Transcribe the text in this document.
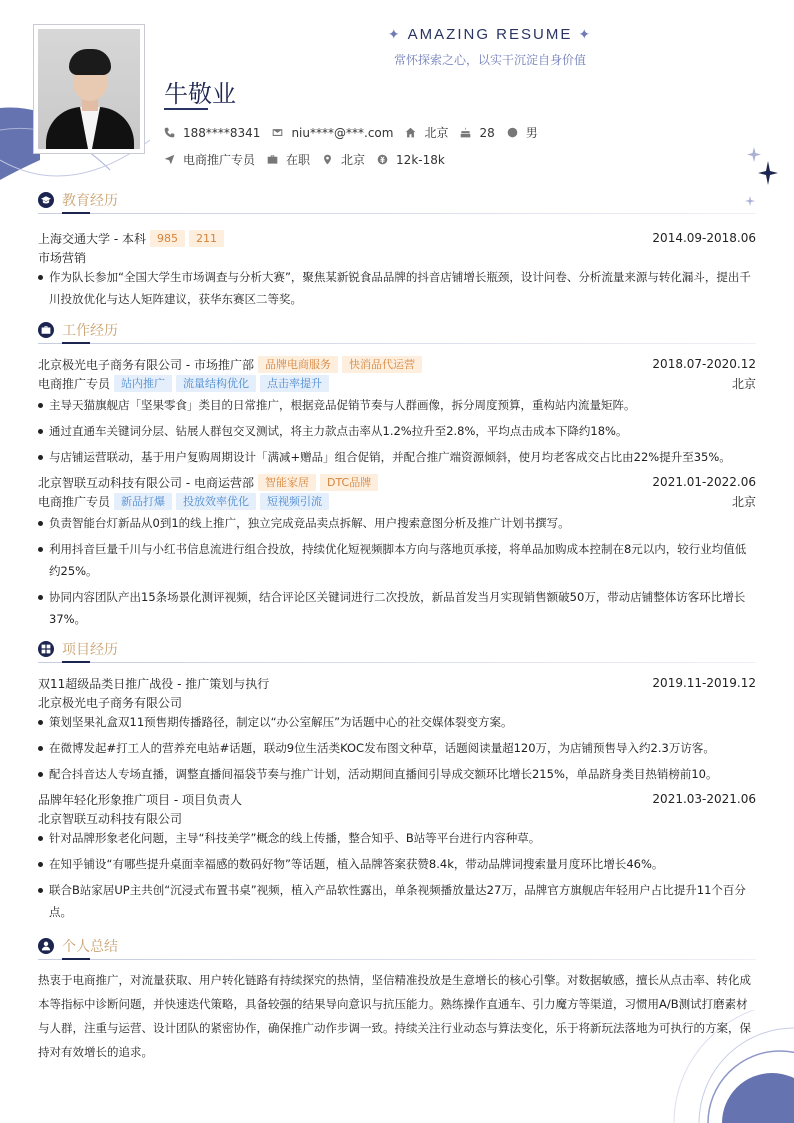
✦ AMAZING RESUME ✦
常怀探索之心，以实干沉淀自身价值
牛敬业
188****8341	niu****@***.com	北京	28	男
电商推广专员	在职	北京	12k-18k
教育经历
上海交通大学 - 本科	985	211	2014.09-2018.06
市场营销
作为队长参加“全国大学生市场调查与分析大赛”，聚焦某新锐食品品牌的抖音店铺增长瓶颈，设计问卷、分析流量来源与转化漏斗，提出千川投放优化与达人矩阵建议，获华东赛区二等奖。
工作经历
北京极光电子商务有限公司 - 市场推广部	品牌电商服务	快消品代运营	2018.07-2020.12
电商推广专员	站内推广	流量结构优化	点击率提升	北京
主导天猫旗舰店「坚果零食」类目的日常推广，根据竞品促销节奏与人群画像，拆分周度预算，重构站内流量矩阵。
通过直通车关键词分层、钻展人群包交叉测试，将主力款点击率从1.2%拉升至2.8%，平均点击成本下降约18%。
与店铺运营联动，基于用户复购周期设计「满减+赠品」组合促销，并配合推广端资源倾斜，使月均老客成交占比由22%提升至35%。
北京智联互动科技有限公司 - 电商运营部	智能家居	DTC品牌	2021.01-2022.06
电商推广专员	新品打爆	投放效率优化	短视频引流	北京
负责智能台灯新品从0到1的线上推广，独立完成竞品卖点拆解、用户搜索意图分析及推广计划书撰写。
利用抖音巨量千川与小红书信息流进行组合投放，持续优化短视频脚本方向与落地页承接，将单品加购成本控制在8元以内，较行业均值低约25%。
协同内容团队产出15条场景化测评视频，结合评论区关键词进行二次投放，新品首发当月实现销售额破50万，带动店铺整体访客环比增长37%。
项目经历
双11超级品类日推广战役 - 推广策划与执行	2019.11-2019.12
北京极光电子商务有限公司
策划坚果礼盒双11预售期传播路径，制定以“办公室解压”为话题中心的社交媒体裂变方案。
在微博发起#打工人的营养充电站#话题，联动9位生活类KOC发布图文种草，话题阅读量超120万，为店铺预售导入约2.3万访客。
配合抖音达人专场直播，调整直播间福袋节奏与推广计划，活动期间直播间引导成交额环比增长215%，单品跻身类目热销榜前10。
品牌年轻化形象推广项目 - 项目负责人	2021.03-2021.06
北京智联互动科技有限公司
针对品牌形象老化问题，主导“科技美学”概念的线上传播，整合知乎、B站等平台进行内容种草。
在知乎铺设“有哪些提升桌面幸福感的数码好物”等话题，植入品牌答案获赞8.4k，带动品牌词搜索量月度环比增长46%。
联合B站家居UP主共创“沉浸式布置书桌”视频，植入产品软性露出，单条视频播放量达27万，品牌官方旗舰店年轻用户占比提升11个百分点。
个人总结

热衷于电商推广，对流量获取、用户转化链路有持续探究的热情，坚信精准投放是生意增长的核心引擎。对数据敏感，擅长从点击率、转化成本等指标中诊断问题，并快速迭代策略，具备较强的结果导向意识与抗压能力。熟练操作直通车、引力魔方等渠道，习惯用A/B测试打磨素材与人群，注重与运营、设计团队的紧密协作，确保推广动作步调一致。持续关注行业动态与算法变化，乐于将新玩法落地为可执行的方案，保持对有效增长的追求。
